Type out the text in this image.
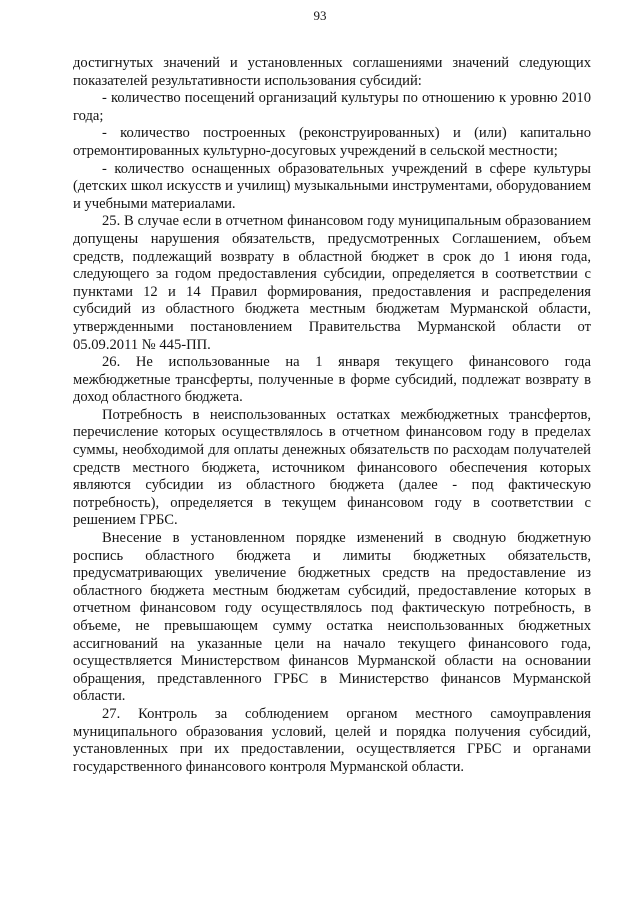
93

достигнутых значений и установленных соглашениями значений следующих показателей результативности использования субсидий:

- количество посещений организаций культуры по отношению к уровню 2010 года;

- количество построенных (реконструированных) и (или) капитально отремонтированных культурно-досуговых учреждений в сельской местности;

- количество оснащенных образовательных учреждений в сфере культуры (детских школ искусств и училищ) музыкальными инструментами, оборудованием и учебными материалами.

25. В случае если в отчетном финансовом году муниципальным образованием допущены нарушения обязательств, предусмотренных Соглашением, объем средств, подлежащий возврату в областной бюджет в срок до 1 июня года, следующего за годом предоставления субсидии, определяется в соответствии с пунктами 12 и 14 Правил формирования, предоставления и распределения субсидий из областного бюджета местным бюджетам Мурманской области, утвержденными постановлением Правительства Мурманской области от 05.09.2011 № 445-ПП.

26. Не использованные на 1 января текущего финансового года межбюджетные трансферты, полученные в форме субсидий, подлежат возврату в доход областного бюджета.

Потребность в неиспользованных остатках межбюджетных трансфертов, перечисление которых осуществлялось в отчетном финансовом году в пределах суммы, необходимой для оплаты денежных обязательств по расходам получателей средств местного бюджета, источником финансового обеспечения которых являются субсидии из областного бюджета (далее - под фактическую потребность), определяется в текущем финансовом году в соответствии с решением ГРБС.

Внесение в установленном порядке изменений в сводную бюджетную роспись областного бюджета и лимиты бюджетных обязательств, предусматривающих увеличение бюджетных средств на предоставление из областного бюджета местным бюджетам субсидий, предоставление которых в отчетном финансовом году осуществлялось под фактическую потребность, в объеме, не превышающем сумму остатка неиспользованных бюджетных ассигнований на указанные цели на начало текущего финансового года, осуществляется Министерством финансов Мурманской области на основании обращения, представленного ГРБС в Министерство финансов Мурманской области.

27. Контроль за соблюдением органом местного самоуправления муниципального образования условий, целей и порядка получения субсидий, установленных при их предоставлении, осуществляется ГРБС и органами государственного финансового контроля Мурманской области.
